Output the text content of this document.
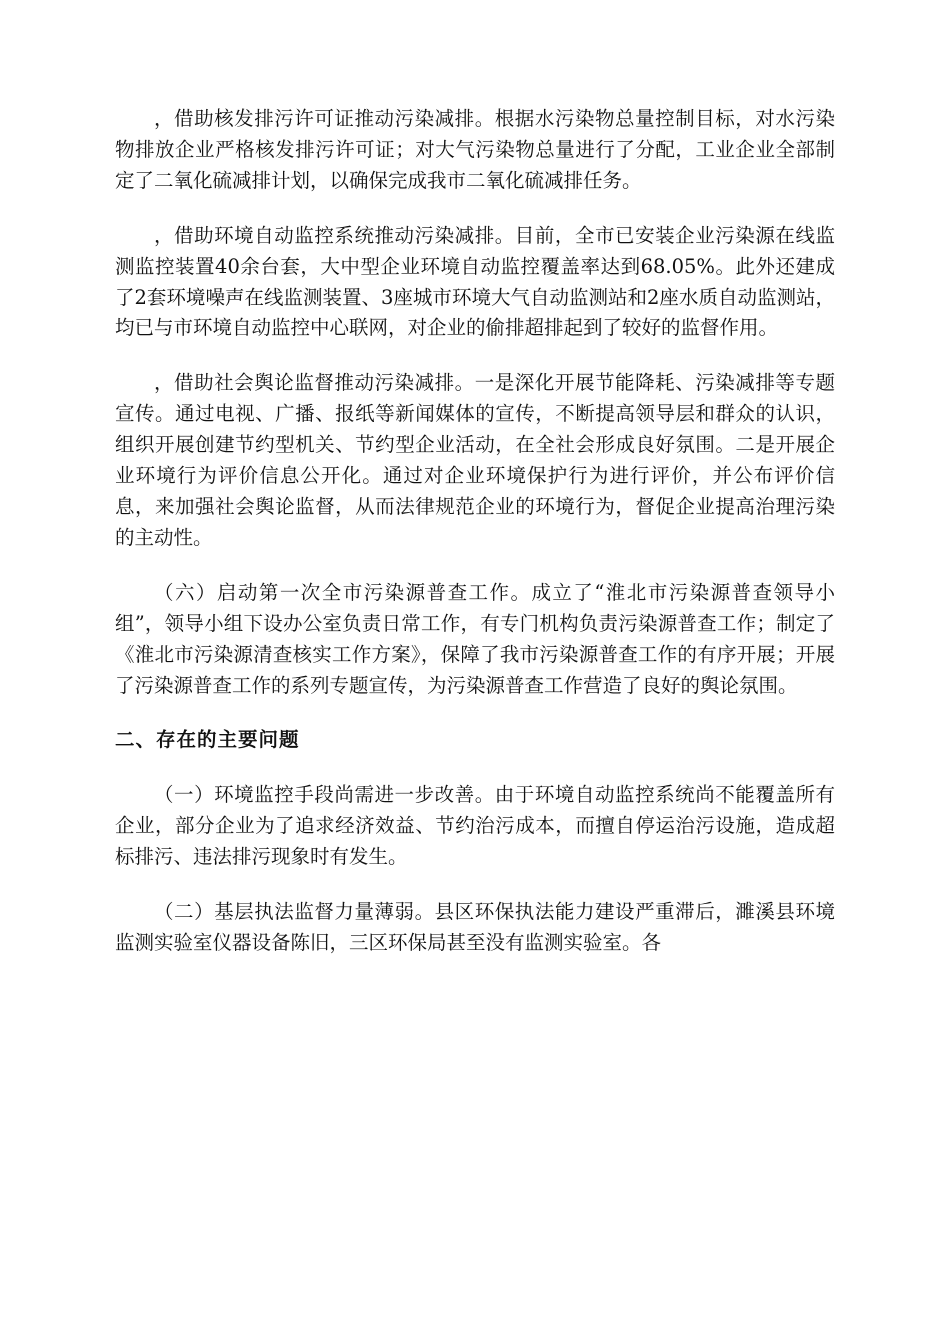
，借助核发排污许可证推动污染减排。根据水污染物总量控制目标，对水污染物排放企业严格核发排污许可证；对大气污染物总量进行了分配，工业企业全部制定了二氧化硫减排计划，以确保完成我市二氧化硫减排任务。

，借助环境自动监控系统推动污染减排。目前，全市已安装企业污染源在线监测监控装置40余台套，大中型企业环境自动监控覆盖率达到68.05%。此外还建成了2套环境噪声在线监测装置、3座城市环境大气自动监测站和2座水质自动监测站，均已与市环境自动监控中心联网，对企业的偷排超排起到了较好的监督作用。

，借助社会舆论监督推动污染减排。一是深化开展节能降耗、污染减排等专题宣传。通过电视、广播、报纸等新闻媒体的宣传，不断提高领导层和群众的认识，组织开展创建节约型机关、节约型企业活动，在全社会形成良好氛围。二是开展企业环境行为评价信息公开化。通过对企业环境保护行为进行评价，并公布评价信息，来加强社会舆论监督，从而法律规范企业的环境行为，督促企业提高治理污染的主动性。

（六）启动第一次全市污染源普查工作。成立了“淮北市污染源普查领导小组”，领导小组下设办公室负责日常工作，有专门机构负责污染源普查工作；制定了《淮北市污染源清查核实工作方案》，保障了我市污染源普查工作的有序开展；开展了污染源普查工作的系列专题宣传，为污染源普查工作营造了良好的舆论氛围。

二、存在的主要问题

（一）环境监控手段尚需进一步改善。由于环境自动监控系统尚不能覆盖所有企业，部分企业为了追求经济效益、节约治污成本，而擅自停运治污设施，造成超标排污、违法排污现象时有发生。

（二）基层执法监督力量薄弱。县区环保执法能力建设严重滞后，濉溪县环境监测实验室仪器设备陈旧，三区环保局甚至没有监测实验室。各
